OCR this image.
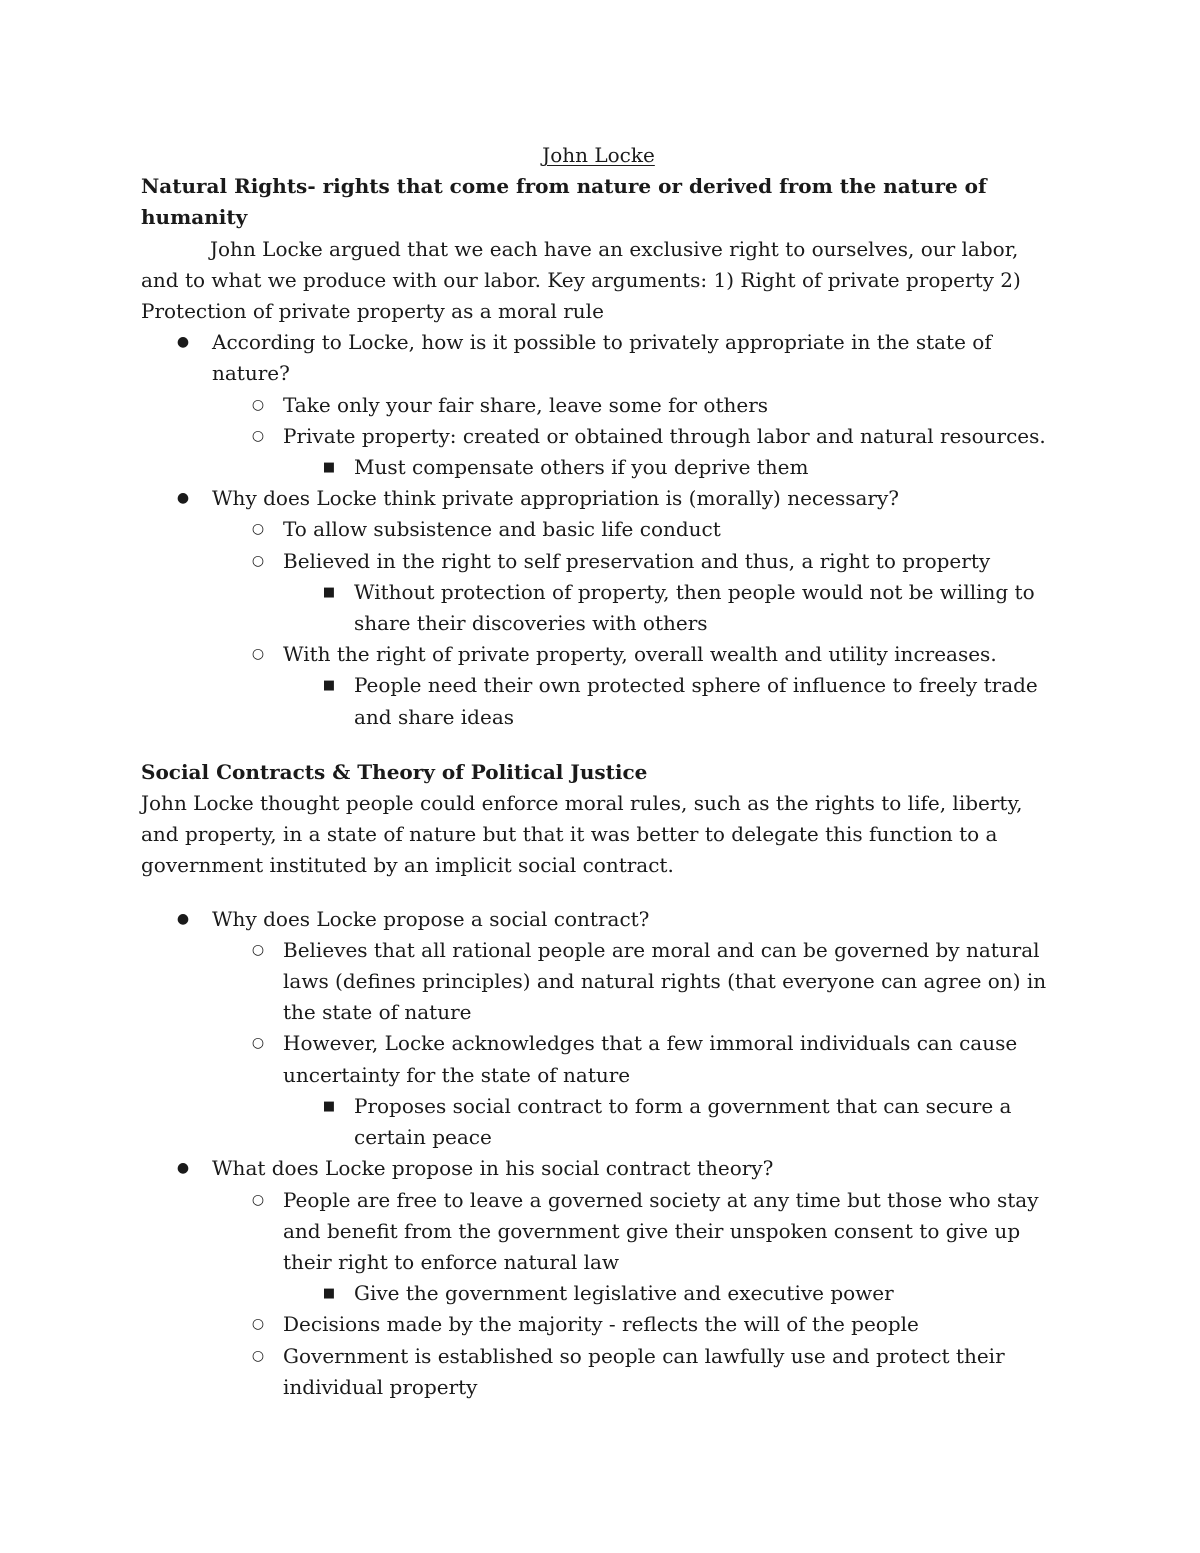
John Locke
Natural Rights- rights that come from nature or derived from the nature of humanity

John Locke argued that we each have an exclusive right to ourselves, our labor, and to what we produce with our labor. Key arguments: 1) Right of private property 2) Protection of private property as a moral rule

● According to Locke, how is it possible to privately appropriate in the state of nature?
○ Take only your fair share, leave some for others
○ Private property: created or obtained through labor and natural resources.
■ Must compensate others if you deprive them
● Why does Locke think private appropriation is (morally) necessary?
○ To allow subsistence and basic life conduct
○ Believed in the right to self preservation and thus, a right to property
■ Without protection of property, then people would not be willing to share their discoveries with others
○ With the right of private property, overall wealth and utility increases.
■ People need their own protected sphere of influence to freely trade and share ideas
Social Contracts & Theory of Political Justice

John Locke thought people could enforce moral rules, such as the rights to life, liberty, and property, in a state of nature but that it was better to delegate this function to a government instituted by an implicit social contract.

● Why does Locke propose a social contract?
○ Believes that all rational people are moral and can be governed by natural laws (defines principles) and natural rights (that everyone can agree on) in the state of nature
○ However, Locke acknowledges that a few immoral individuals can cause uncertainty for the state of nature
■ Proposes social contract to form a government that can secure a certain peace
● What does Locke propose in his social contract theory?
○ People are free to leave a governed society at any time but those who stay and benefit from the government give their unspoken consent to give up their right to enforce natural law
■ Give the government legislative and executive power
○ Decisions made by the majority - reflects the will of the people
○ Government is established so people can lawfully use and protect their individual property
